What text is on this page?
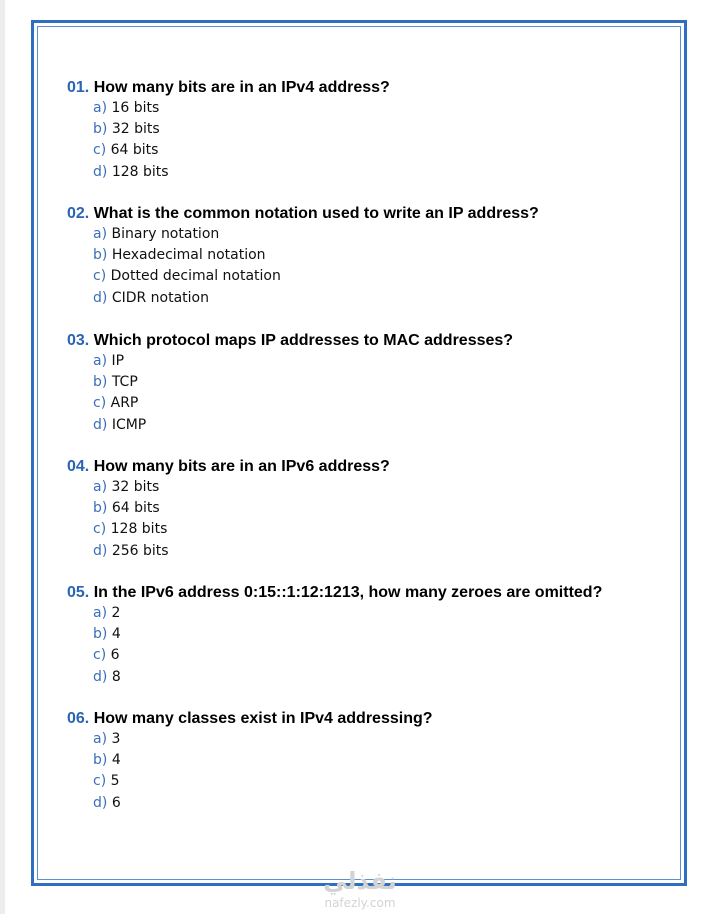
01. How many bits are in an IPv4 address?

a) 16 bits
b) 32 bits
c) 64 bits
d) 128 bits

02. What is the common notation used to write an IP address?

a) Binary notation
b) Hexadecimal notation
c) Dotted decimal notation
d) CIDR notation

03. Which protocol maps IP addresses to MAC addresses?

a) IP
b) TCP
c) ARP
d) ICMP

04. How many bits are in an IPv6 address?

a) 32 bits
b) 64 bits
c) 128 bits
d) 256 bits

05. In the IPv6 address 0:15::1:12:1213, how many zeroes are omitted?

a) 2
b) 4
c) 6
d) 8

06. How many classes exist in IPv4 addressing?

a) 3
b) 4
c) 5
d) 6
نفذلي
nafezly.com
